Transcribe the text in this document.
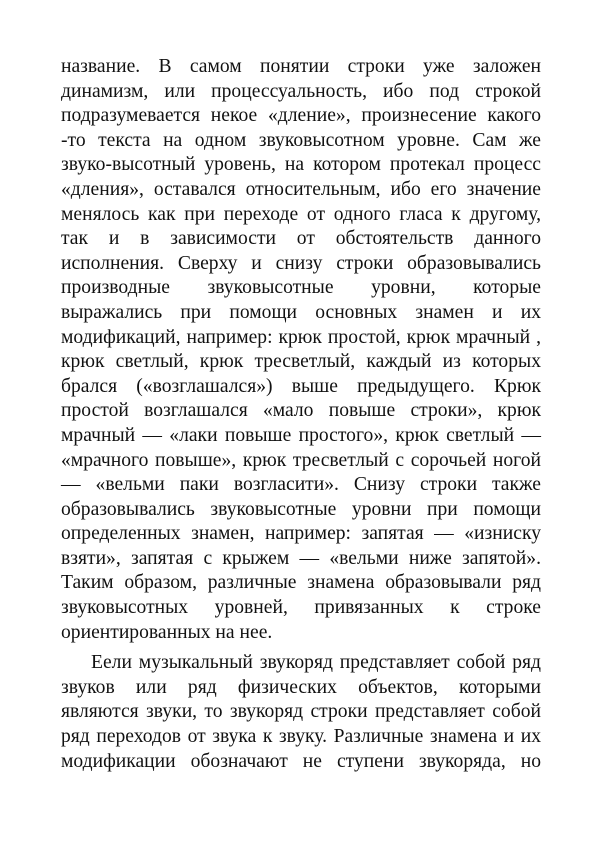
название. В самом понятии строки уже заложен
динамизм, или процессуальность, ибо под строкой
подразумевается некое «дление», произнесение какого
-то текста на одном звуковысотном уровне. Сам же
звуко-высотный уровень, на котором протекал процесс
«дления», оставался относительным, ибо его значение
менялось как при переходе от одного гласа к другому,
так и в зависимости от обстоятельств данного
исполнения. Сверху и снизу строки образовывались
производные звуковысотные уровни, которые
выражались при помощи основных знамен и их
модификаций, например: крюк простой, крюк мрачный ,
крюк светлый, крюк тресветлый, каждый из которых
брался («возглашался») выше предыдущего. Крюк
простой возглашался «мало повыше строки», крюк
мрачный — «лаки повыше простого», крюк светлый —
«мрачного повыше», крюк тресветлый с сорочьей ногой
— «вельми паки возгласити». Снизу строки также
образовывались звуковысотные уровни при помощи
определенных знамен, например: запятая — «изниску
взяти», запятая с крыжем — «вельми ниже запятой».
Таким образом, различные знамена образовывали ряд
звуковысотных уровней, привязанных к строке
ориентированных на нее.
Еели музыкальный звукоряд представляет собой ряд
звуков или ряд физических объектов, которыми
являются звуки, то звукоряд строки представляет собой
ряд переходов от звука к звуку. Различные знамена и их
модификации обозначают не ступени звукоряда, но
